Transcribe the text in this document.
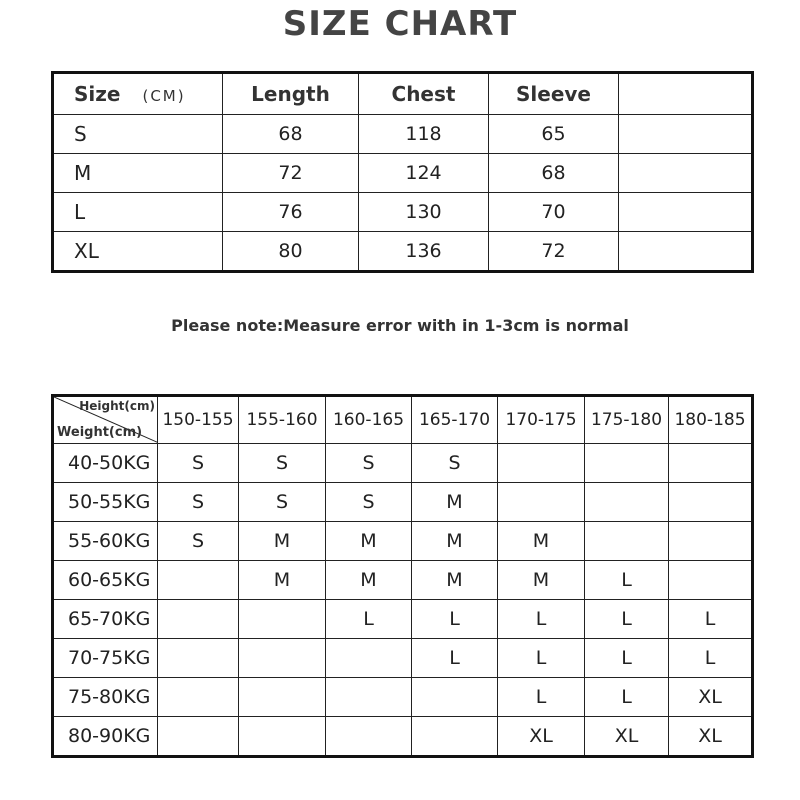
SIZE CHART
Size (CM)	Length	Chest	Sleeve	
S	68	118	65	
M	72	124	68	
L	76	130	70	
XL	80	136	72	
Please note:Measure error with in 1-3cm is normal
Height(cm)
Weight(cm)	150-155	155-160	160-165	165-170	170-175	175-180	180-185
40-50KG	S	S	S	S			
50-55KG	S	S	S	M			
55-60KG	S	M	M	M	M		
60-65KG		M	M	M	M	L	
65-70KG			L	L	L	L	L
70-75KG				L	L	L	L
75-80KG					L	L	XL
80-90KG					XL	XL	XL
